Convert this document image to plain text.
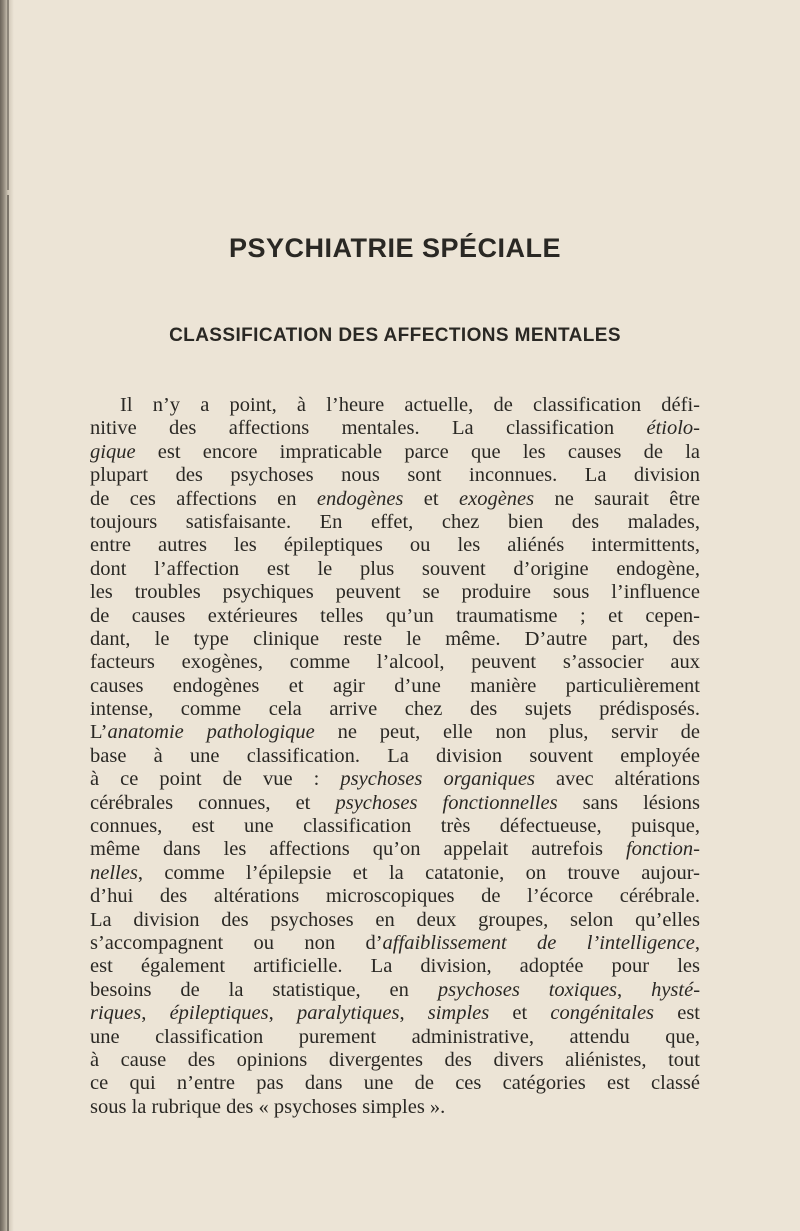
PSYCHIATRIE SPÉCIALE
CLASSIFICATION DES AFFECTIONS MENTALES

Il n’y a point, à l’heure actuelle, de classification défi-
nitive des affections mentales. La classification étiolo-
gique est encore impraticable parce que les causes de la
plupart des psychoses nous sont inconnues. La division
de ces affections en endogènes et exogènes ne saurait être
toujours satisfaisante. En effet, chez bien des malades,
entre autres les épileptiques ou les aliénés intermittents,
dont l’affection est le plus souvent d’origine endogène,
les troubles psychiques peuvent se produire sous l’influence
de causes extérieures telles qu’un traumatisme ; et cepen-
dant, le type clinique reste le même. D’autre part, des
facteurs exogènes, comme l’alcool, peuvent s’associer aux
causes endogènes et agir d’une manière particulièrement
intense, comme cela arrive chez des sujets prédisposés.
L’anatomie pathologique ne peut, elle non plus, servir de
base à une classification. La division souvent employée
à ce point de vue : psychoses organiques avec altérations
cérébrales connues, et psychoses fonctionnelles sans lésions
connues, est une classification très défectueuse, puisque,
même dans les affections qu’on appelait autrefois fonction-
nelles, comme l’épilepsie et la catatonie, on trouve aujour-
d’hui des altérations microscopiques de l’écorce cérébrale.
La division des psychoses en deux groupes, selon qu’elles
s’accompagnent ou non d’affaiblissement de l’intelligence,
est également artificielle. La division, adoptée pour les
besoins de la statistique, en psychoses toxiques, hysté-
riques, épileptiques, paralytiques, simples et congénitales est
une classification purement administrative, attendu que,
à cause des opinions divergentes des divers aliénistes, tout
ce qui n’entre pas dans une de ces catégories est classé
sous la rubrique des « psychoses simples ».
